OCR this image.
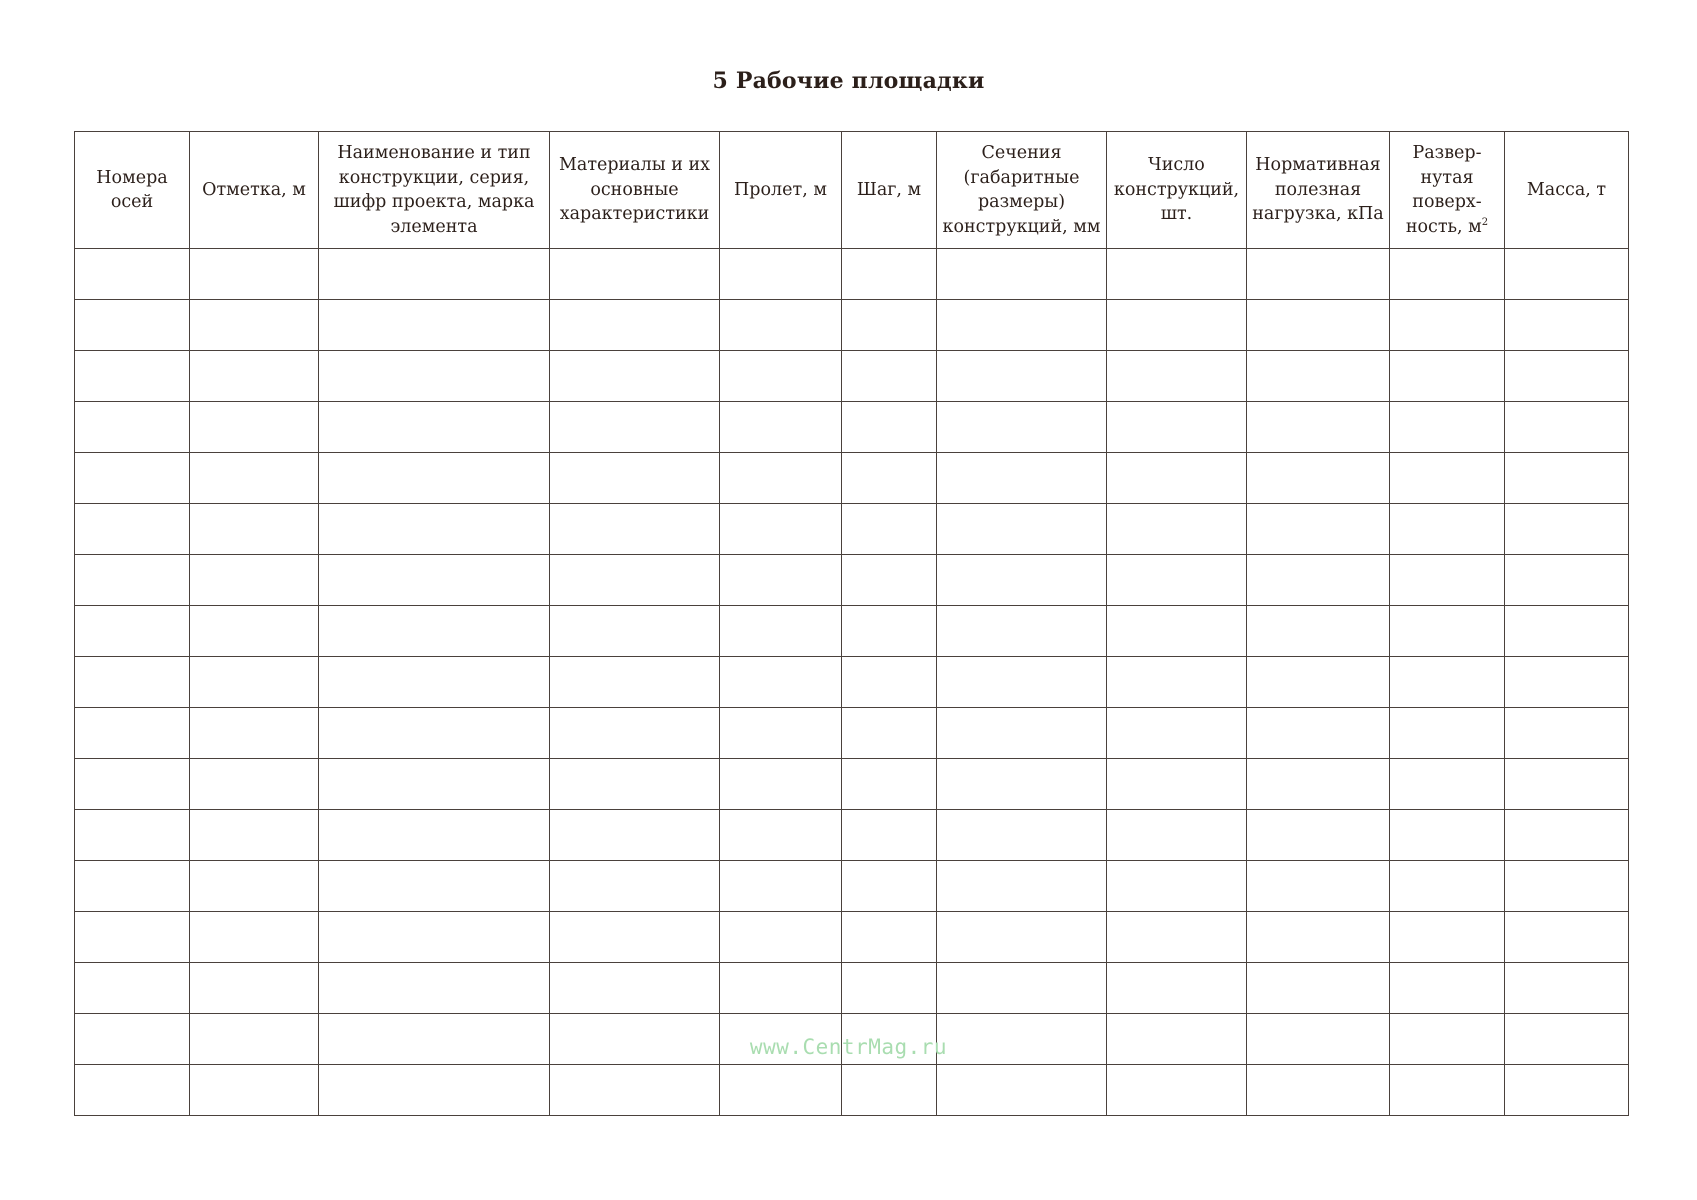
5 Рабочие площадки
Номера осей	Отметка, м	Наименование и тип конструкции, серия, шифр проекта, марка элемента	Материалы и их основные характеристики	Пролет, м	Шаг, м	Сечения (габаритные размеры) конструкций, мм	Число конструкций, шт.	Нормативная полезная нагрузка, кПа	Развер-нутая поверх-ность, $м^2$	Масса, т

www.CentrMag.ru
